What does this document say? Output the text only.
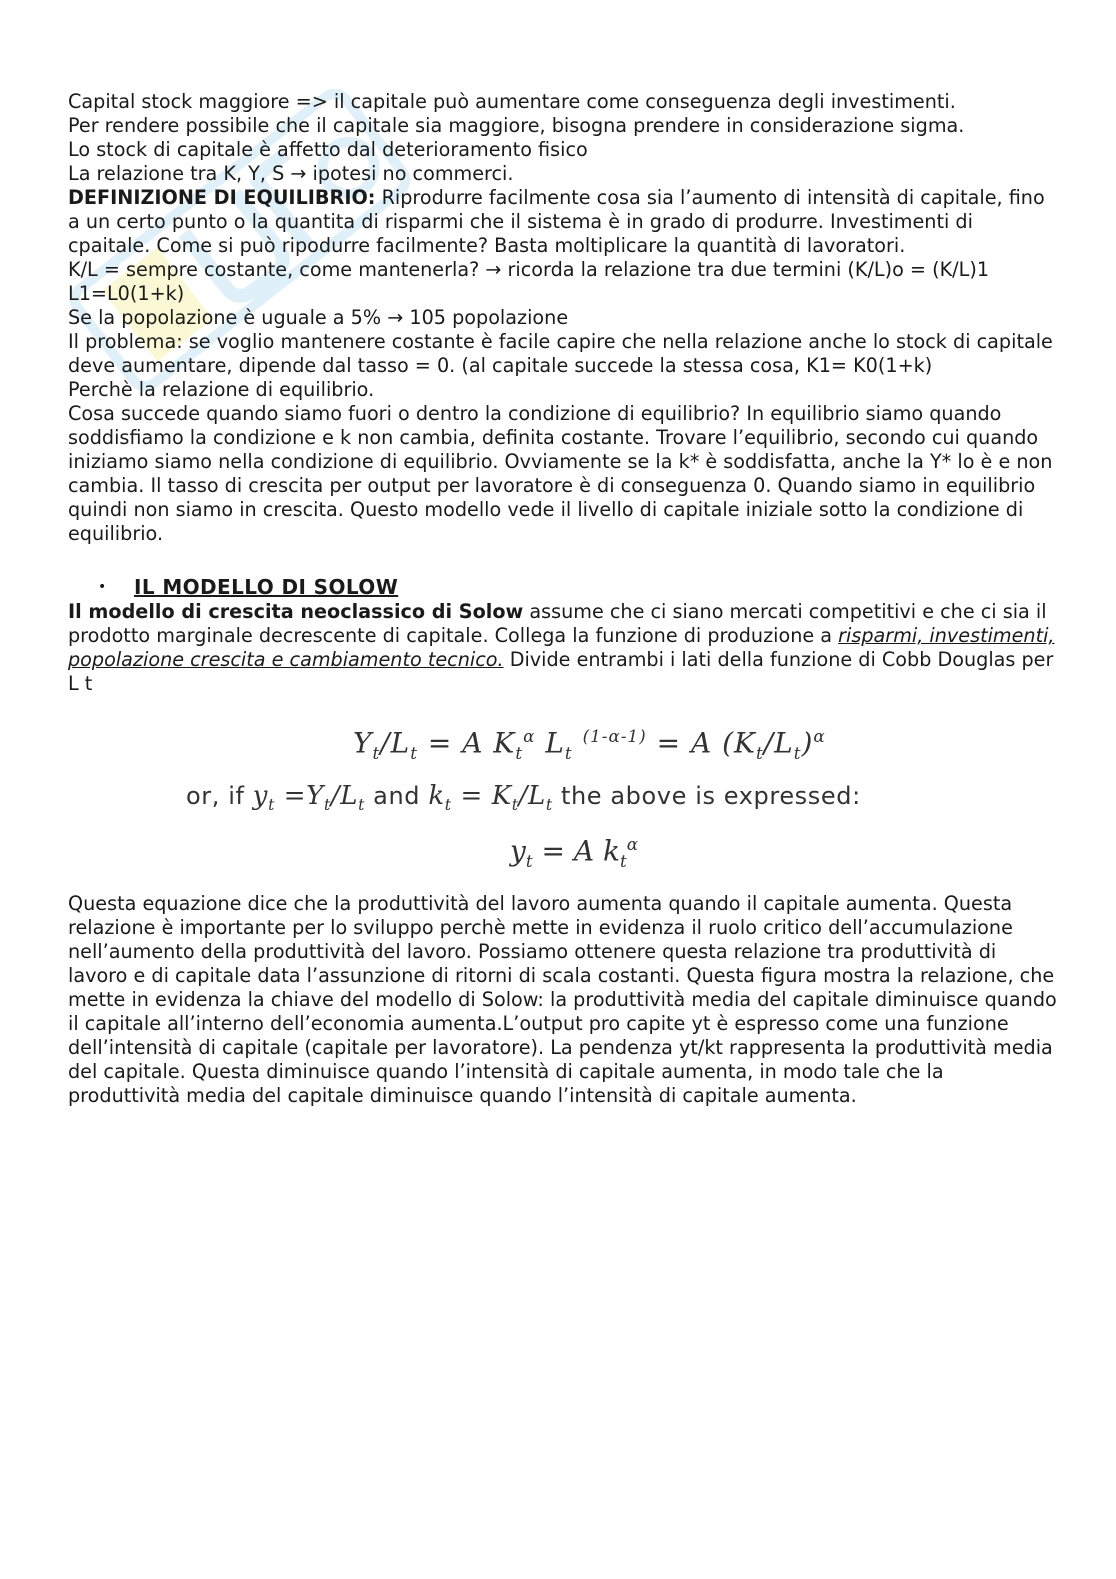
Capital stock maggiore => il capitale può aumentare come conseguenza degli investimenti.

Per rendere possibile che il capitale sia maggiore, bisogna prendere in considerazione sigma.

Lo stock di capitale è affetto dal deterioramento fisico

La relazione tra K, Y, S → ipotesi no commerci.

DEFINIZIONE DI EQUILIBRIO: Riprodurre facilmente cosa sia l’aumento di intensità di capitale, fino a un certo punto o la quantita di risparmi che il sistema è in grado di produrre. Investimenti di cpaitale. Come si può ripodurre facilmente? Basta moltiplicare la quantità di lavoratori.

K/L = sempre costante, come mantenerla? → ricorda la relazione tra due termini (K/L)o = (K/L)1

L1=L0(1+k)

Se la popolazione è uguale a 5% → 105 popolazione

Il problema: se voglio mantenere costante è facile capire che nella relazione anche lo stock di capitale deve aumentare, dipende dal tasso = 0. (al capitale succede la stessa cosa, K1= K0(1+k)

Perchè la relazione di equilibrio.

Cosa succede quando siamo fuori o dentro la condizione di equilibrio? In equilibrio siamo quando soddisfiamo la condizione e k non cambia, definita costante. Trovare l’equilibrio, secondo cui quando iniziamo siamo nella condizione di equilibrio. Ovviamente se la k* è soddisfatta, anche la Y* lo è e non cambia. Il tasso di crescita per output per lavoratore è di conseguenza 0. Quando siamo in equilibrio quindi non siamo in crescita. Questo modello vede il livello di capitale iniziale sotto la condizione di equilibrio.

•	IL MODELLO DI SOLOW

Il modello di crescita neoclassico di Solow assume che ci siano mercati competitivi e che ci sia il prodotto marginale decrescente di capitale. Collega la funzione di produzione a risparmi, investimenti, popolazione crescita e cambiamento tecnico. Divide entrambi i lati della funzione di Cobb Douglas per L t

$Y_t/L_t = A$ $K_t^\alpha$ $L_t$ $^{(1-\alpha-1)}$ = A $(K_t/L_t)^\alpha$
or, if $y_t =Y_t/L_t$ and $k_t = K_t/L_t$ the above is expressed:
$y_t = A$ $k_t^\alpha$

Questa equazione dice che la produttività del lavoro aumenta quando il capitale aumenta. Questa relazione è importante per lo sviluppo perchè mette in evidenza il ruolo critico dell’accumulazione nell’aumento della produttività del lavoro. Possiamo ottenere questa relazione tra produttività di lavoro e di capitale data l’assunzione di ritorni di scala costanti. Questa figura mostra la relazione, che mette in evidenza la chiave del modello di Solow: la produttività media del capitale diminuisce quando il capitale all’interno dell’economia aumenta.L’output pro capite yt è espresso come una funzione dell’intensità di capitale (capitale per lavoratore). La pendenza yt/kt rappresenta la produttività media del capitale. Questa diminuisce quando l’intensità di capitale aumenta, in modo tale che la produttività media del capitale diminuisce quando l’intensità di capitale aumenta.
